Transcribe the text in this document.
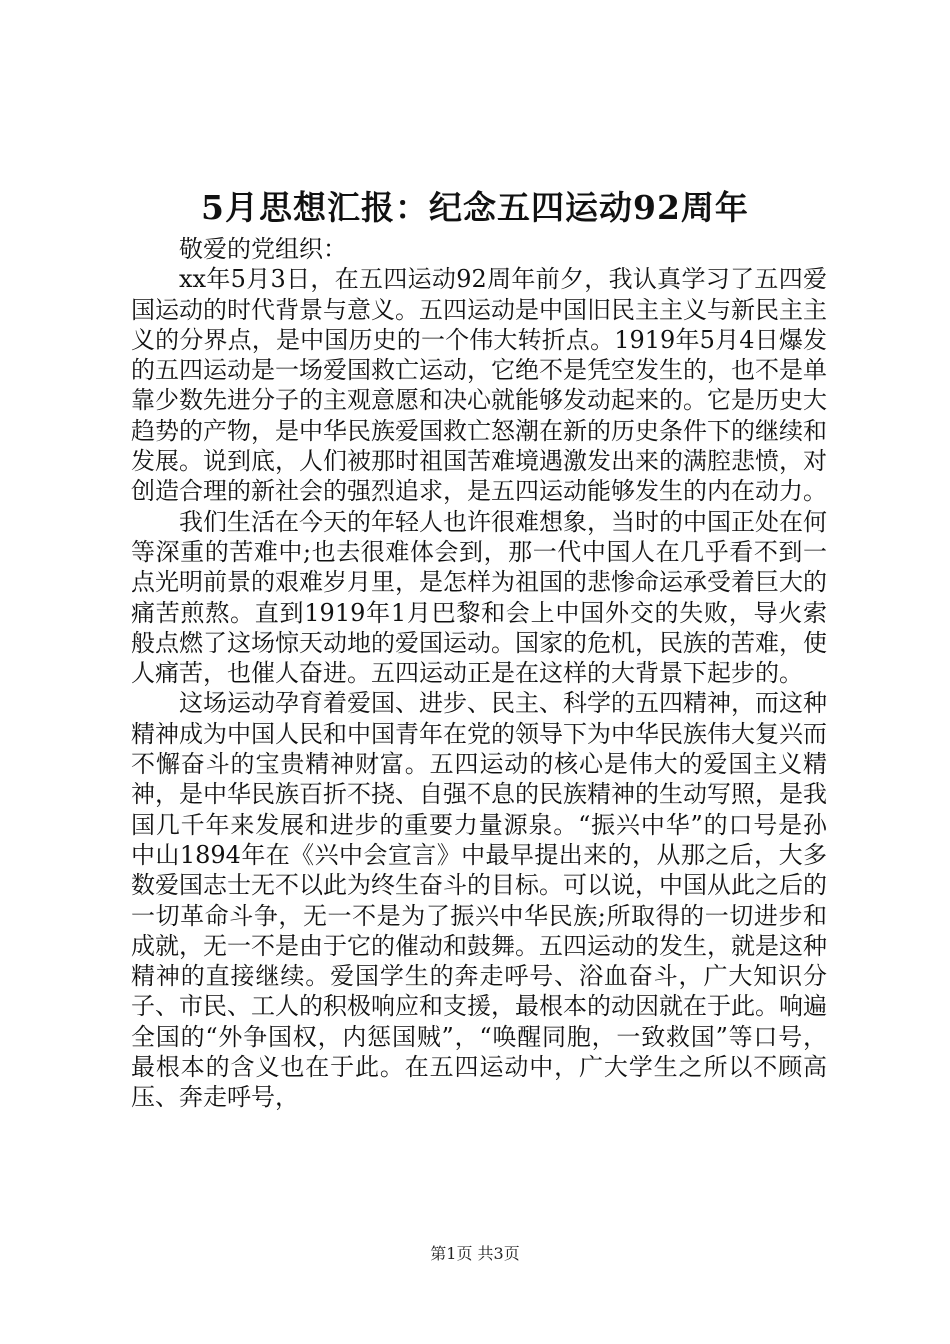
5月思想汇报：纪念五四运动92周年

敬爱的党组织：

xx年5月3日，在五四运动92周年前夕，我认真学习了五四爱国运动的时代背景与意义。五四运动是中国旧民主主义与新民主主义的分界点，是中国历史的一个伟大转折点。1919年5月4日爆发的五四运动是一场爱国救亡运动，它绝不是凭空发生的，也不是单靠少数先进分子的主观意愿和决心就能够发动起来的。它是历史大趋势的产物，是中华民族爱国救亡怒潮在新的历史条件下的继续和发展。说到底，人们被那时祖国苦难境遇激发出来的满腔悲愤，对创造合理的新社会的强烈追求，是五四运动能够发生的内在动力。

我们生活在今天的年轻人也许很难想象，当时的中国正处在何等深重的苦难中;也去很难体会到，那一代中国人在几乎看不到一点光明前景的艰难岁月里，是怎样为祖国的悲惨命运承受着巨大的痛苦煎熬。直到1919年1月巴黎和会上中国外交的失败，导火索般点燃了这场惊天动地的爱国运动。国家的危机，民族的苦难，使人痛苦，也催人奋进。五四运动正是在这样的大背景下起步的。

这场运动孕育着爱国、进步、民主、科学的五四精神，而这种精神成为中国人民和中国青年在党的领导下为中华民族伟大复兴而不懈奋斗的宝贵精神财富。五四运动的核心是伟大的爱国主义精神，是中华民族百折不挠、自强不息的民族精神的生动写照，是我国几千年来发展和进步的重要力量源泉。“振兴中华”的口号是孙中山1894年在《兴中会宣言》中最早提出来的，从那之后，大多数爱国志士无不以此为终生奋斗的目标。可以说，中国从此之后的一切革命斗争，无一不是为了振兴中华民族;所取得的一切进步和成就，无一不是由于它的催动和鼓舞。五四运动的发生，就是这种精神的直接继续。爱国学生的奔走呼号、浴血奋斗，广大知识分子、市民、工人的积极响应和支援，最根本的动因就在于此。响遍全国的“外争国权，内惩国贼”，“唤醒同胞，一致救国”等口号，最根本的含义也在于此。在五四运动中，广大学生之所以不顾高压、奔走呼号，

第1页 共3页
